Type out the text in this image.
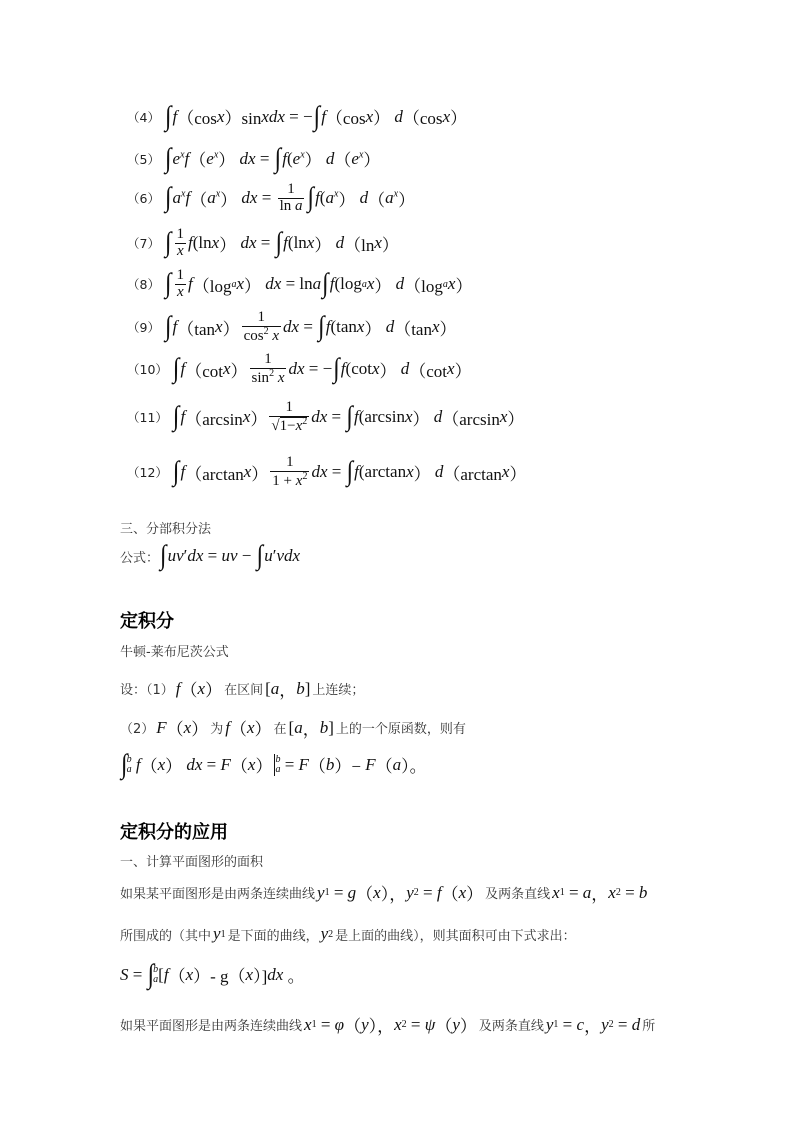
（4） ∫ f （cos x ）sin xdx = − ∫ f （cos x ） d （cos x ）
（5） ∫ $e^xf$ （ $e^x$ ） dx = ∫ f ( $e^x$ ） d （ $e^x$ ）
（6） ∫ $a^xf$ （ $a^x$ ） dx = $\frac{1}{\text{ln a}}$ ∫ f ( $a^x$ ） d （ $a^x$ ）
（7） ∫ $\frac{1}{x}$ f (ln x ） dx = ∫ f (ln x ） d （ln x ）
（8） ∫ $\frac{1}{x}$ f （log a x ） dx = ln a ∫ f (log a x ） d （log a x ）
（9） ∫ f （tan x ） $\frac{1}{\cos^2 x}$ dx = ∫ f (tan x ） d （tan x ）
（10） ∫ f （cot x ） $\frac{1}{\sin^2 x}$ dx = − ∫ f (cot x ） d （cot x ）
（11） ∫ f （arcsin x ） $\frac{1}{√1-x^2}$ dx = ∫ f (arcsin x ） d （arcsin x ）
（12） ∫ f （arctan x ） $\frac{1}{1 + x^2}$ dx = ∫ f (arctan x ） d （arctan x ）
三、分部积分法
公式： ∫ uv ′ dx = uv − ∫ u ′ vdx
定积分
牛顿-莱布尼茨公式
设：（1） f （ x ） 在区间 [ a ， b ] 上连续；
（2） F （ x ） 为 f （ x ） 在 [ a ， b ] 上的一个原函数，则有
∫ b
a
f （ x ） dx = F （ x ） b
a = F （ b ）− F （ a ）。
定积分的应用
一、计算平面图形的面积
如果某平面图形是由两条连续曲线 y 1 = g （ x ）， y 2 = f （ x ） 及两条直线 x 1 = a ， x 2 = b
所围成的（其中 y 1 是下面的曲线， y 2 是上面的曲线），则其面积可由下式求出：
S = ∫ b
a [ f （ x ）- g（ x ）] dx 。
如果平面图形是由两条连续曲线 x 1 = φ （ y ）， x 2 = ψ （ y ） 及两条直线 y 1 = c ， y 2 = d 所
